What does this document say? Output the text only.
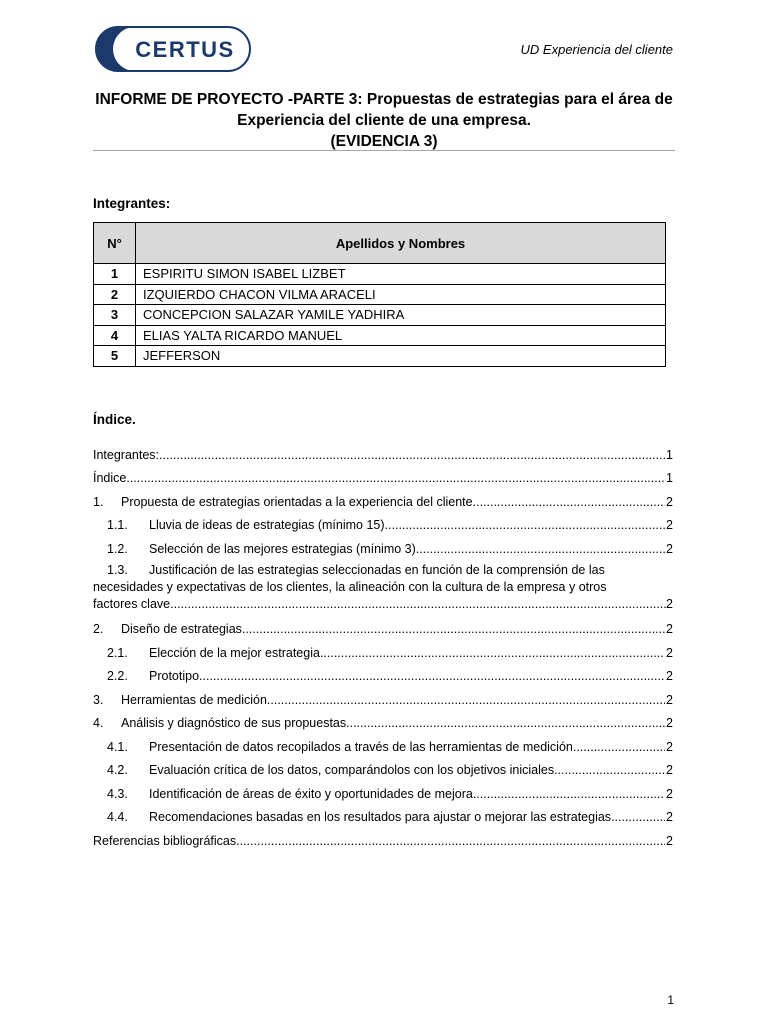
CERTUS	UD Experiencia del cliente
INFORME DE PROYECTO -PARTE 3: Propuestas de estrategias para el área de
Experiencia del cliente de una empresa.
(EVIDENCIA 3)
Integrantes:
N°	Apellidos y Nombres
1	ESPIRITU SIMON ISABEL LIZBET
2	IZQUIERDO CHACON VILMA ARACELI
3	CONCEPCION SALAZAR YAMILE YADHIRA
4	ELIAS YALTA RICARDO MANUEL
5	JEFFERSON
Índice.
Integrantes: .....	1
Índice .....	1
1.	Propuesta de estrategias orientadas a la experiencia del cliente .....	2
1.1.	Lluvia de ideas de estrategias (mínimo 15) .....	2
1.2.	Selección de las mejores estrategias (mínimo 3) .....	2
1.3. Justificación de las estrategias seleccionadas en función de la comprensión de las
necesidades y expectativas de los clientes, la alineación con la cultura de la empresa y otros
factores clave .....	2
2.	Diseño de estrategias .....	2
2.1.	Elección de la mejor estrategia .....	2
2.2.	Prototipo .....	2
3.	Herramientas de medición .....	2
4.	Análisis y diagnóstico de sus propuestas .....	2
4.1.	Presentación de datos recopilados a través de las herramientas de medición .....	2
4.2.	Evaluación crítica de los datos, comparándolos con los objetivos iniciales .....	2
4.3.	Identificación de áreas de éxito y oportunidades de mejora .....	2
4.4.	Recomendaciones basadas en los resultados para ajustar o mejorar las estrategias .....	2
Referencias bibliográficas .....	2
1
